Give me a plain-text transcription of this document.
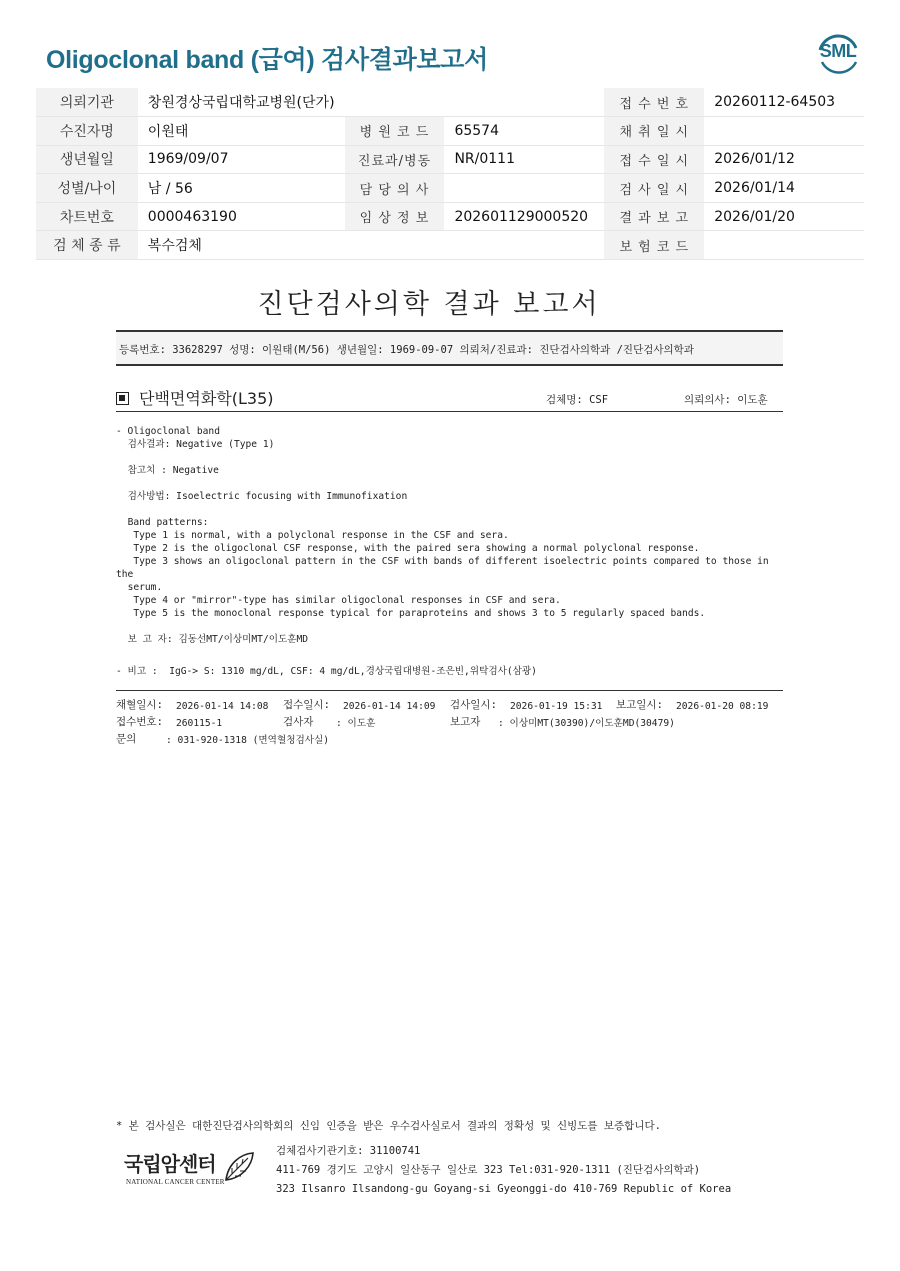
Oligoclonal band (급여) 검사결과보고서	SML
의뢰기관	창원경상국립대학교병원(단가)			접 수 번 호	20260112-64503
수진자명	이원태	병 원 코 드	65574	채 취 일 시	
생년월일	1969/09/07	진료과/병동	NR/0111	접 수 일 시	2026/01/12
성별/나이	남 / 56	담 당 의 사		검 사 일 시	2026/01/14
차트번호	0000463190	임 상 정 보	202601129000520	결 과 보 고	2026/01/20
검 체 종 류	복수검체			보 험 코 드	
진단검사의학 결과 보고서
등록번호: 33628297 성명: 이원태(M/56) 생년월일: 1969-09-07 의뢰처/진료과: 진단검사의학과 /진단검사의학과
단백면역화학(L35)	검체명: CSF	의뢰의사: 이도훈
- Oligoclonal band
검사결과: Negative (Type 1)
참고치 : Negative
검사방법: Isoelectric focusing with Immunofixation
Band patterns:
Type 1 is normal, with a polyclonal response in the CSF and sera.
Type 2 is the oligoclonal CSF response, with the paired sera showing a normal polyclonal response.
Type 3 shows an oligoclonal pattern in the CSF with bands of different isoelectric points compared to those in the
serum.
Type 4 or "mirror"-type has similar oligoclonal responses in CSF and sera.
Type 5 is the monoclonal response typical for paraproteins and shows 3 to 5 regularly spaced bands.
보 고 자: 김동선MT/이상미MT/이도훈MD
- 비고 :  IgG-> S: 1310 mg/dL, CSF: 4 mg/dL,경상국립대병원-조은빈,위탁검사(삼광)
채혈일시: 2026-01-14 14:08 접수일시: 2026-01-14 14:09 검사일시: 2026-01-19 15:31 보고일시: 2026-01-20 08:19
접수번호: 260115-1	검사자 : 이도훈	보고자 : 이상미MT(30390)/이도훈MD(30479)
문의	: 031-920-1318 (면역혈청검사실)
* 본 검사실은 대한진단검사의학회의 신임 인증을 받은 우수검사실로서 결과의 정확성 및 신빙도를 보증합니다.
국립암센터
NATIONAL CANCER CENTER
검체검사기관기호: 31100741
411-769 경기도 고양시 일산동구 일산로 323 Tel:031-920-1311 (진단검사의학과)
323 Ilsanro Ilsandong-gu Goyang-si Gyeonggi-do 410-769 Republic of Korea
